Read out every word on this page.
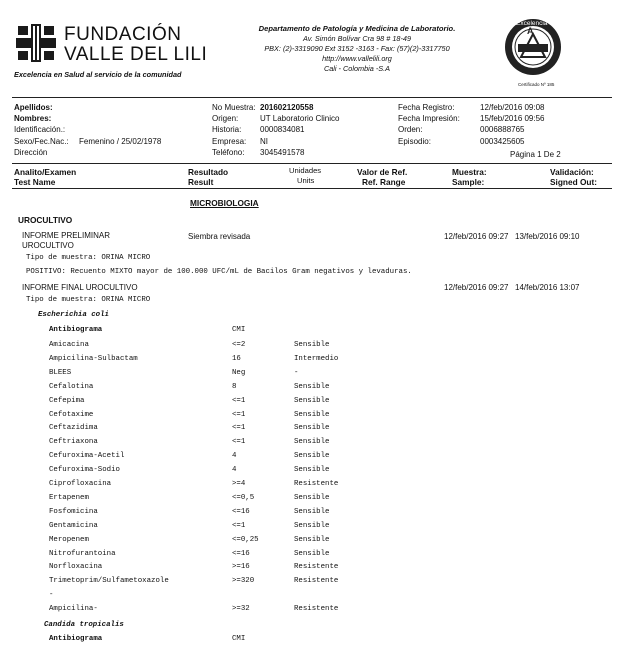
FUNDACIÓN
VALLE DEL LILI
Excelencia en Salud al servicio de la comunidad
Departamento de Patología y Medicina de Laboratorio.
Av. Simón Bolívar Cra 98 # 18-49
PBX: (2)-3319090 Ext 3152 -3163 - Fax: (57)(2)-3317750
http://www.vallelili.org
Cali - Colombia -S.A
Excelencia
A
Certificado Nº 185
Apellidos:
Nombres:
Identificación.:
Sexo/Fec.Nac.: Femenino / 25/02/1978
Dirección
No Muestra: 201602120558
Origen:	UT Laboratorio Clinico
Historia: 0000834081
Empresa: NI
Teléfono: 3045491578
Fecha Registro:	12/feb/2016 09:08
Fecha Impresión:	15/feb/2016 09:56
Orden:	0006888765
Episodio:	0003425605
Página 1 De 2
Analito/Examen
Test Name
Resultado
Result
Unidades
Units
Valor de Ref.
Ref. Range
Muestra:
Sample:
Validación:
Signed Out:
MICROBIOLOGIA
UROCULTIVO
INFORME PRELIMINAR
UROCULTIVO
Siembra revisada	12/feb/2016 09:27 13/feb/2016 09:10
Tipo de muestra: ORINA MICRO
POSITIVO: Recuento MIXTO mayor de 100.000 UFC/mL de Bacilos Gram negativos y levaduras.
INFORME FINAL UROCULTIVO	12/feb/2016 09:27 14/feb/2016 13:07
Tipo de muestra: ORINA MICRO
Escherichia coli
Antibiograma	CMI
Amicacina	<=2	Sensible
Ampicilina-Sulbactam	16	Intermedio
BLEES	Neg	-
Cefalotina	8	Sensible
Cefepima	<=1	Sensible
Cefotaxime	<=1	Sensible
Ceftazidima	<=1	Sensible
Ceftriaxona	<=1	Sensible
Cefuroxima-Acetil	4	Sensible
Cefuroxima-Sodio	4	Sensible
Ciprofloxacina	>=4	Resistente
Ertapenem	<=0,5	Sensible
Fosfomicina	<=16	Sensible
Gentamicina	<=1	Sensible
Meropenem	<=0,25	Sensible
Nitrofurantoina	<=16	Sensible
Norfloxacina	>=16	Resistente
Trimetoprim/Sulfametoxazole	>=320	Resistente
-
Ampicilina-	>=32	Resistente
Candida tropicalis
Antibiograma	CMI
